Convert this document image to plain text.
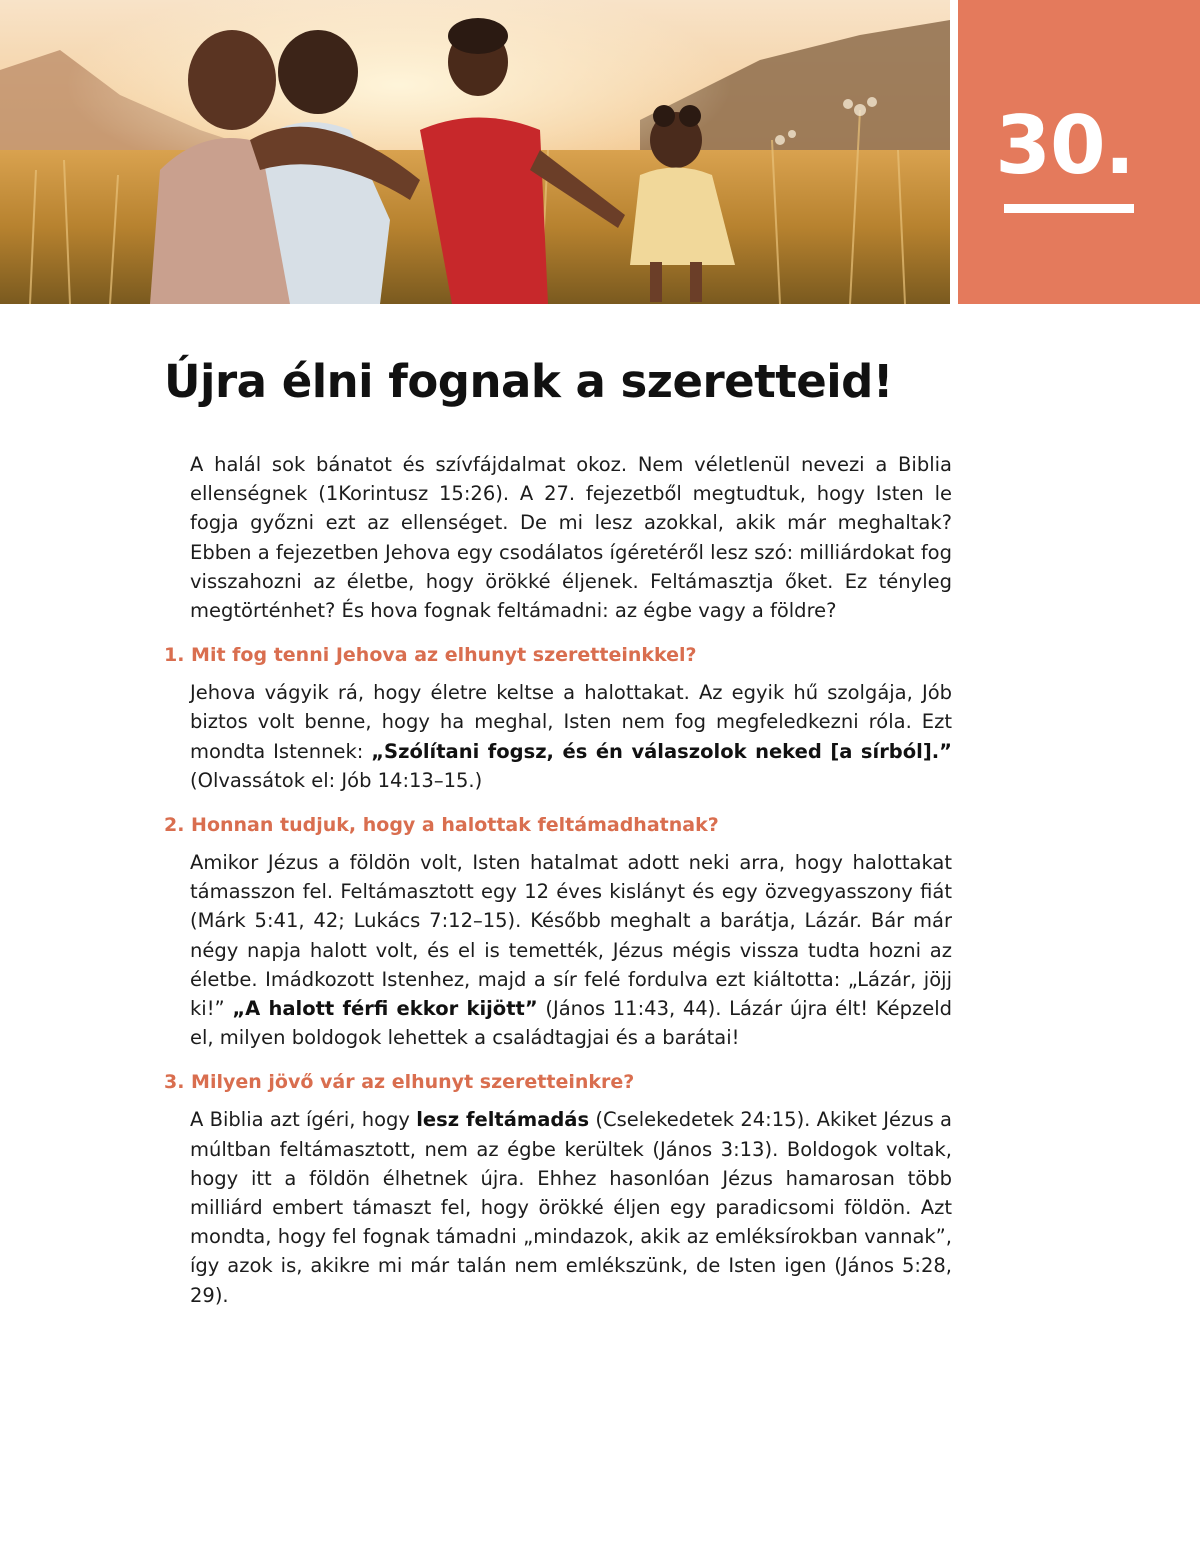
30.
Újra élni fognak a szeretteid!

A halál sok bánatot és szívfájdalmat okoz. Nem véletlenül nevezi a Biblia ellenségnek (1Korintusz 15:26). A 27. fejezetből megtudtuk, hogy Isten le fogja győzni ezt az ellenséget. De mi lesz azokkal, akik már meghaltak? Ebben a fejezetben Jehova egy csodálatos ígéretéről lesz szó: milliárdokat fog visszahozni az életbe, hogy örökké éljenek. Feltámasztja őket. Ez tényleg megtörténhet? És hova fognak feltámadni: az égbe vagy a földre?

1. Mit fog tenni Jehova az elhunyt szeretteinkkel?

Jehova vágyik rá, hogy életre keltse a halottakat. Az egyik hű szolgája, Jób biztos volt benne, hogy ha meghal, Isten nem fog megfeledkezni róla. Ezt mondta Istennek: „Szólítani fogsz, és én válaszolok neked [a sírból].” (Olvassátok el: Jób 14:13–15.)

2. Honnan tudjuk, hogy a halottak feltámadhatnak?

Amikor Jézus a földön volt, Isten hatalmat adott neki arra, hogy halottakat támasszon fel. Feltámasztott egy 12 éves kislányt és egy özvegyasszony fiát (Márk 5:41, 42; Lukács 7:12–15). Később meghalt a barátja, Lázár. Bár már négy napja halott volt, és el is temették, Jézus mégis vissza tudta hozni az életbe. Imádkozott Istenhez, majd a sír felé fordulva ezt kiáltotta: „Lázár, jöjj ki!” „A halott férfi ekkor kijött” (János 11:43, 44). Lázár újra élt! Képzeld el, milyen boldogok lehettek a családtagjai és a barátai!

3. Milyen jövő vár az elhunyt szeretteinkre?

A Biblia azt ígéri, hogy lesz feltámadás (Cselekedetek 24:15). Akiket Jézus a múltban feltámasztott, nem az égbe kerültek (János 3:13). Boldogok voltak, hogy itt a földön élhetnek újra. Ehhez hasonlóan Jézus hamarosan több milliárd embert támaszt fel, hogy örökké éljen egy paradicsomi földön. Azt mondta, hogy fel fognak támadni „mindazok, akik az emléksírokban vannak”, így azok is, akikre mi már talán nem emlékszünk, de Isten igen (János 5:28, 29).
